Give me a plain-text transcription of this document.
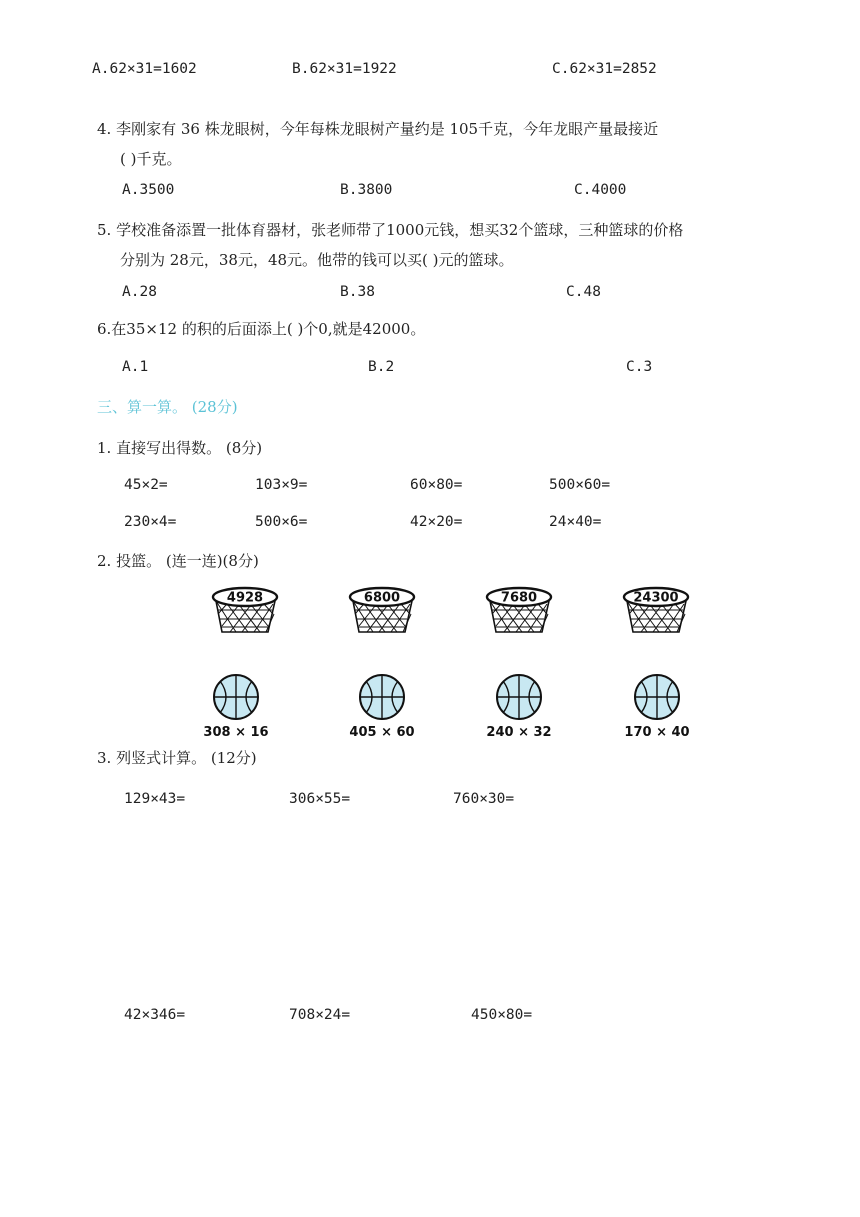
A.62×31=1602	B.62×31=1922	C.62×31=2852
4. 李刚家有 36 株龙眼树，今年每株龙眼树产量约是 105千克，今年龙眼产量最接近
( )千克。
A.3500	B.3800	C.4000
5. 学校准备添置一批体育器材，张老师带了1000元钱，想买32个篮球，三种篮球的价格
分别为 28元，38元，48元。他带的钱可以买( )元的篮球。
A.28	B.38	C.48
6.在35×12 的积的后面添上( )个0,就是42000。
A.1	B.2	C.3
三、算一算。 (28分)
1. 直接写出得数。 (8分)
45×2=	103×9=	60×80=	500×60=
230×4=	500×6=	42×20=	24×40=
2. 投篮。 (连一连)(8分)
4928	6800	7680	24300
308 × 16	405 × 60	240 × 32	170 × 40
3. 列竖式计算。 (12分)
129×43=	306×55=	760×30=
42×346=	708×24=	450×80=
